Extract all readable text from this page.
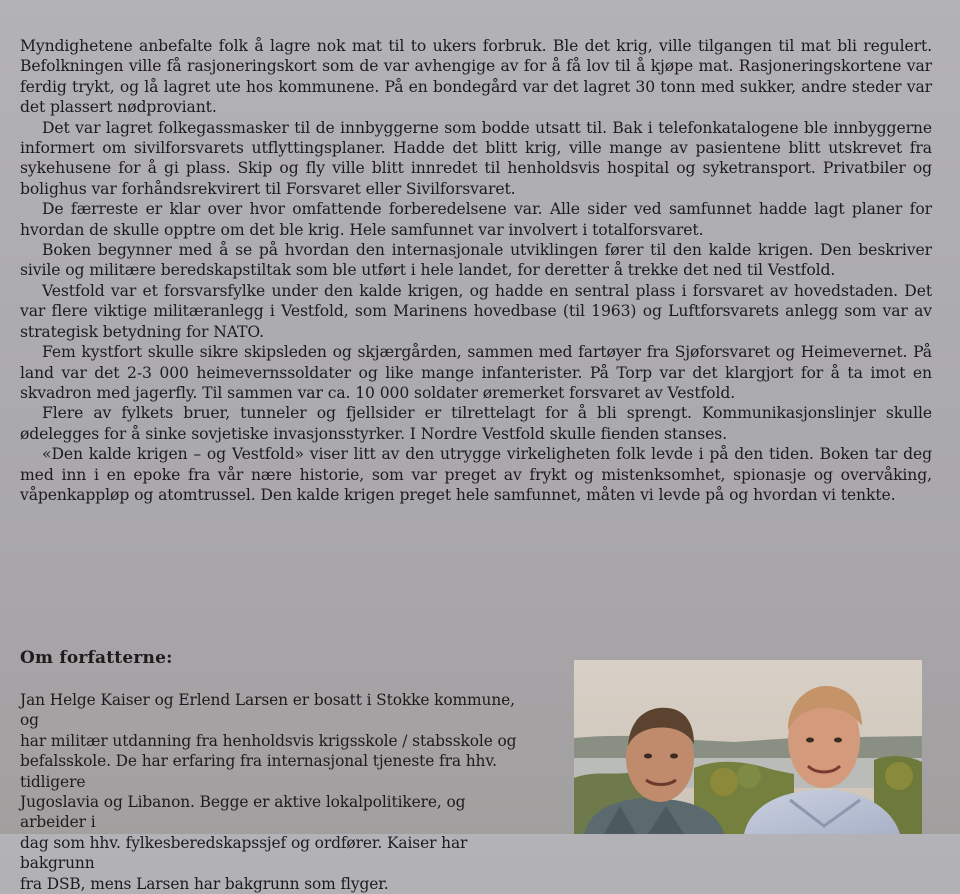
Myndighetene anbefalte folk å lagre nok mat til to ukers forbruk. Ble det krig, ville tilgangen til mat bli regulert. Befolkningen ville få rasjoneringskort som de var avhengige av for å få lov til å kjøpe mat. Rasjoneringskortene var ferdig trykt, og lå lagret ute hos kommunene. På en bondegård var det lagret 30 tonn med sukker, andre steder var det plassert nødproviant.

Det var lagret folkegassmasker til de innbyggerne som bodde utsatt til. Bak i telefonkatalogene ble innbyggerne informert om sivilforsvarets utflyttingsplaner. Hadde det blitt krig, ville mange av pasientene blitt utskrevet fra sykehusene for å gi plass. Skip og fly ville blitt innredet til henholdsvis hospital og syketransport. Privatbiler og bolighus var forhåndsrekvirert til Forsvaret eller Sivilforsvaret.

De færreste er klar over hvor omfattende forberedelsene var. Alle sider ved samfunnet hadde lagt planer for hvordan de skulle opptre om det ble krig. Hele samfunnet var involvert i totalforsvaret.

Boken begynner med å se på hvordan den internasjonale utviklingen fører til den kalde krigen. Den beskriver sivile og militære beredskapstiltak som ble utført i hele landet, for deretter å trekke det ned til Vestfold.

Vestfold var et forsvarsfylke under den kalde krigen, og hadde en sentral plass i forsvaret av hovedstaden. Det var flere viktige militæranlegg i Vestfold, som Marinens hovedbase (til 1963) og Luftforsvarets anlegg som var av strategisk betydning for NATO.

Fem kystfort skulle sikre skipsleden og skjærgården, sammen med fartøyer fra Sjøforsvaret og Heimevernet. På land var det 2-3 000 heimevernssoldater og like mange infanterister. På Torp var det klargjort for å ta imot en skvadron med jagerfly. Til sammen var ca. 10 000 soldater øremerket forsvaret av Vestfold.

Flere av fylkets bruer, tunneler og fjellsider er tilrettelagt for å bli sprengt. Kommunikasjonslinjer skulle ødelegges for å sinke sovjetiske invasjonsstyrker. I Nordre Vestfold skulle fienden stanses.

«Den kalde krigen – og Vestfold» viser litt av den utrygge virkeligheten folk levde i på den tiden. Boken tar deg med inn i en epoke fra vår nære historie, som var preget av frykt og mistenksomhet, spionasje og overvåking, våpenkappløp og atomtrussel. Den kalde krigen preget hele samfunnet, måten vi levde på og hvordan vi tenkte.

Om forfatterne:

Jan Helge Kaiser og Erlend Larsen er bosatt i Stokke kommune, og

har militær utdanning fra henholdsvis krigsskole / stabsskole og

befalsskole. De har erfaring fra internasjonal tjeneste fra hhv. tidligere

Jugoslavia og Libanon. Begge er aktive lokalpolitikere, og arbeider i

dag som hhv. fylkesberedskapssjef og ordfører. Kaiser har bakgrunn

fra DSB, mens Larsen har bakgrunn som flyger.
